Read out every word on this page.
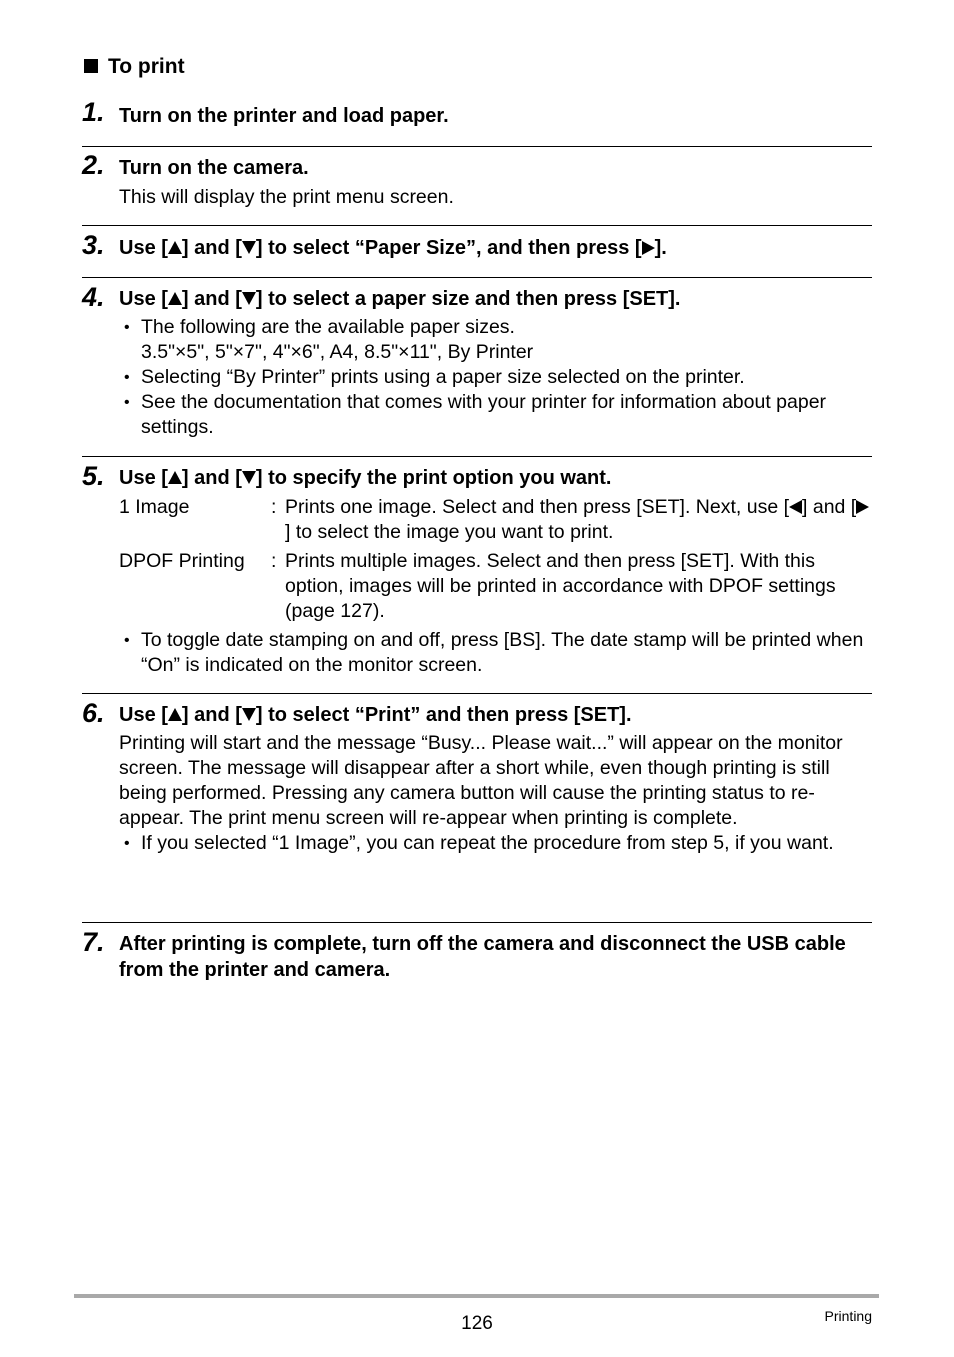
To print
1. Turn on the printer and load paper.
2. Turn on the camera.
This will display the print menu screen.
3. Use [ ] and [ ] to select “Paper Size”, and then press [ ].
4. Use [ ] and [ ] to select a paper size and then press [SET].
• The following are the available paper sizes.
3.5"×5", 5"×7", 4"×6", A4, 8.5"×11", By Printer
• Selecting “By Printer” prints using a paper size selected on the printer.
• See the documentation that comes with your printer for information about paper settings.
5. Use [ ] and [ ] to specify the print option you want.
1 Image	: Prints one image. Select and then press [SET]. Next, use [ ] and [] to select the image you want to print.
DPOF Printing	: Prints multiple images. Select and then press [SET]. With this option, images will be printed in accordance with DPOF settings (page 127).
• To toggle date stamping on and off, press [BS]. The date stamp will be printed when “On” is indicated on the monitor screen.
6. Use [ ] and [ ] to select “Print” and then press [SET].
Printing will start and the message “Busy... Please wait...” will appear on the monitor screen. The message will disappear after a short while, even though printing is still being performed. Pressing any camera button will cause the printing status to re-appear. The print menu screen will re-appear when printing is complete.
• If you selected “1 Image”, you can repeat the procedure from step 5, if you want.
7. After printing is complete, turn off the camera and disconnect the USB cable from the printer and camera.
126	Printing
